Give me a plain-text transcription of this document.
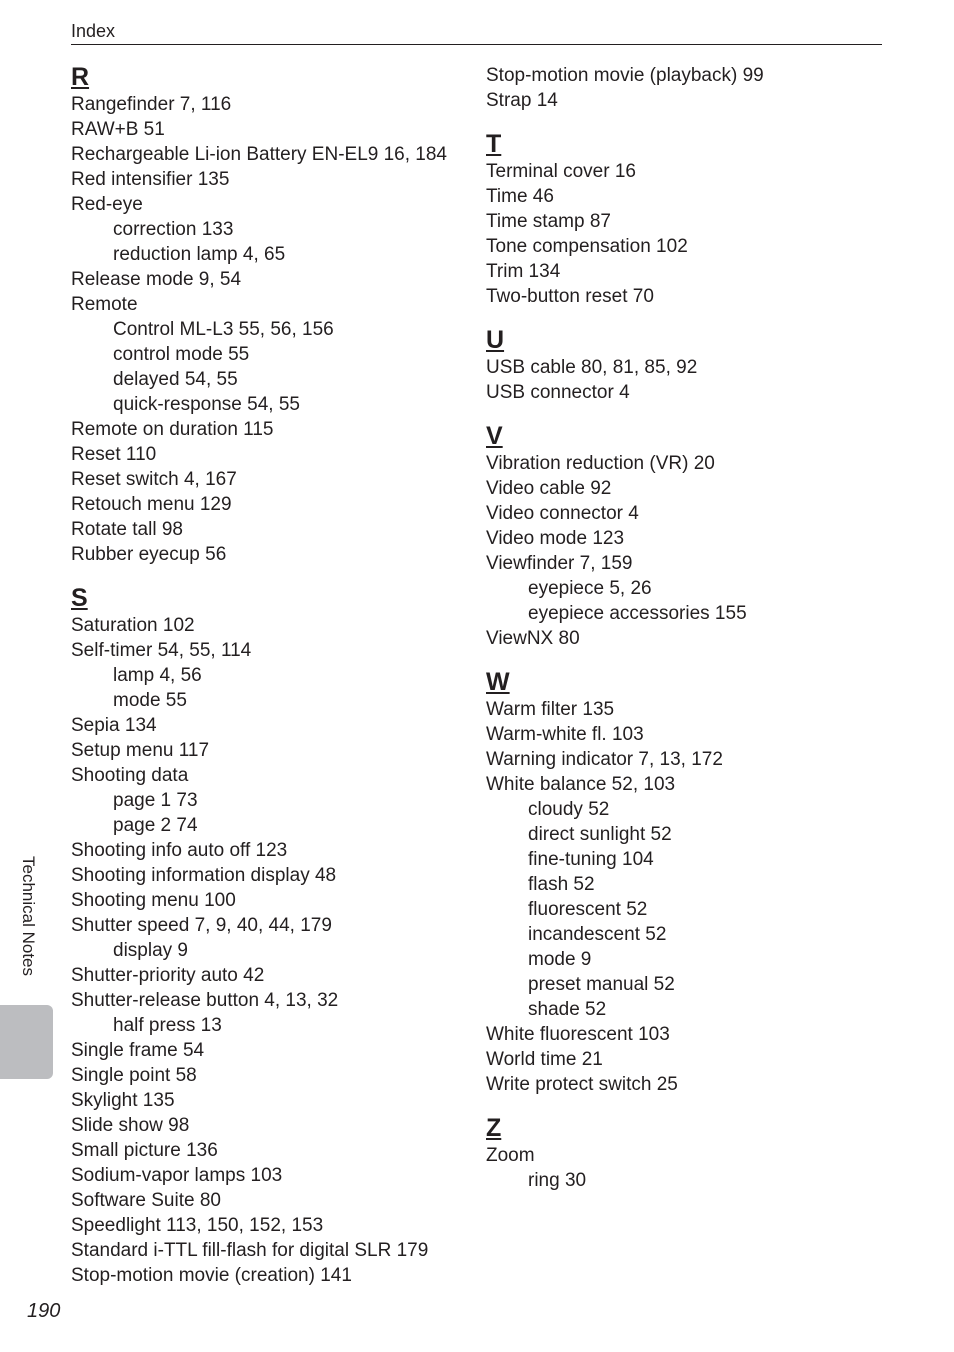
Index
R
Rangefinder 7, 116
RAW+B 51
Rechargeable Li-ion Battery EN-EL9 16, 184
Red intensifier 135
Red-eye
correction 133
reduction lamp 4, 65
Release mode 9, 54
Remote
Control ML-L3 55, 56, 156
control mode 55
delayed 54, 55
quick-response 54, 55
Remote on duration 115
Reset 110
Reset switch 4, 167
Retouch menu 129
Rotate tall 98
Rubber eyecup 56
S
Saturation 102
Self-timer 54, 55, 114
lamp 4, 56
mode 55
Sepia 134
Setup menu 117
Shooting data
page 1 73
page 2 74
Shooting info auto off 123
Shooting information display 48
Shooting menu 100
Shutter speed 7, 9, 40, 44, 179
display 9
Shutter-priority auto 42
Shutter-release button 4, 13, 32
half press 13
Single frame 54
Single point 58
Skylight 135
Slide show 98
Small picture 136
Sodium-vapor lamps 103
Software Suite 80
Speedlight 113, 150, 152, 153
Standard i-TTL fill-flash for digital SLR 179
Stop-motion movie (creation) 141
Stop-motion movie (playback) 99
Strap 14
T
Terminal cover 16
Time 46
Time stamp 87
Tone compensation 102
Trim 134
Two-button reset 70
U
USB cable 80, 81, 85, 92
USB connector 4
V
Vibration reduction (VR) 20
Video cable 92
Video connector 4
Video mode 123
Viewfinder 7, 159
eyepiece 5, 26
eyepiece accessories 155
ViewNX 80
W
Warm filter 135
Warm-white fl. 103
Warning indicator 7, 13, 172
White balance 52, 103
cloudy 52
direct sunlight 52
fine-tuning 104
flash 52
fluorescent 52
incandescent 52
mode 9
preset manual 52
shade 52
White fluorescent 103
World time 21
Write protect switch 25
Z
Zoom
ring 30
Technical Notes
190
